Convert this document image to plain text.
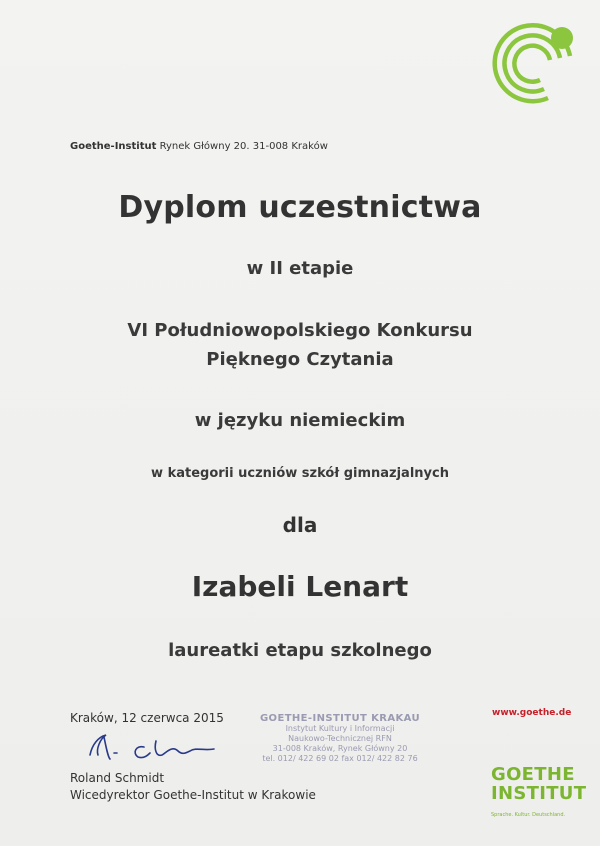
Goethe-Institut Rynek Główny 20. 31-008 Kraków
Dyplom uczestnictwa
w II etapie
VI Południowopolskiego Konkursu
Pięknego Czytania
w języku niemieckim
w kategorii uczniów szkół gimnazjalnych
dla
Izabeli Lenart
laureatki etapu szkolnego
Kraków, 12 czerwca 2015
Roland Schmidt
Wicedyrektor Goethe-Institut w Krakowie
GOETHE-INSTITUT KRAKAU
Instytut Kultury i Informacji
Naukowo-Technicznej RFN
31-008 Kraków, Rynek Główny 20
tel. 012/ 422 69 02 fax 012/ 422 82 76
www.goethe.de
GOETHE
INSTITUT
Sprache. Kultur. Deutschland.
